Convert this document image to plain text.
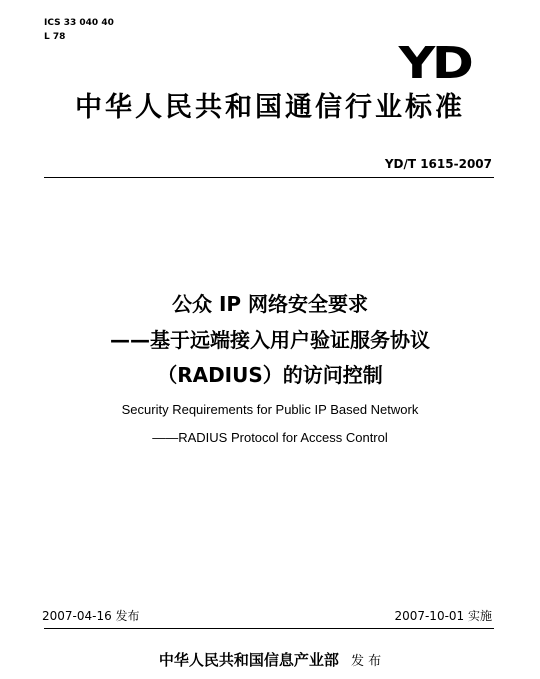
ICS 33 040 40
L 78
YD
中华人民共和国通信行业标准
YD/T 1615-2007
公众 IP 网络安全要求
——基于远端接入用户验证服务协议
（RADIUS）的访问控制
Security Requirements for Public IP Based Network
——RADIUS Protocol for Access Control
2007-04-16 发布	2007-10-01 实施
中华人民共和国信息产业部 发 布
